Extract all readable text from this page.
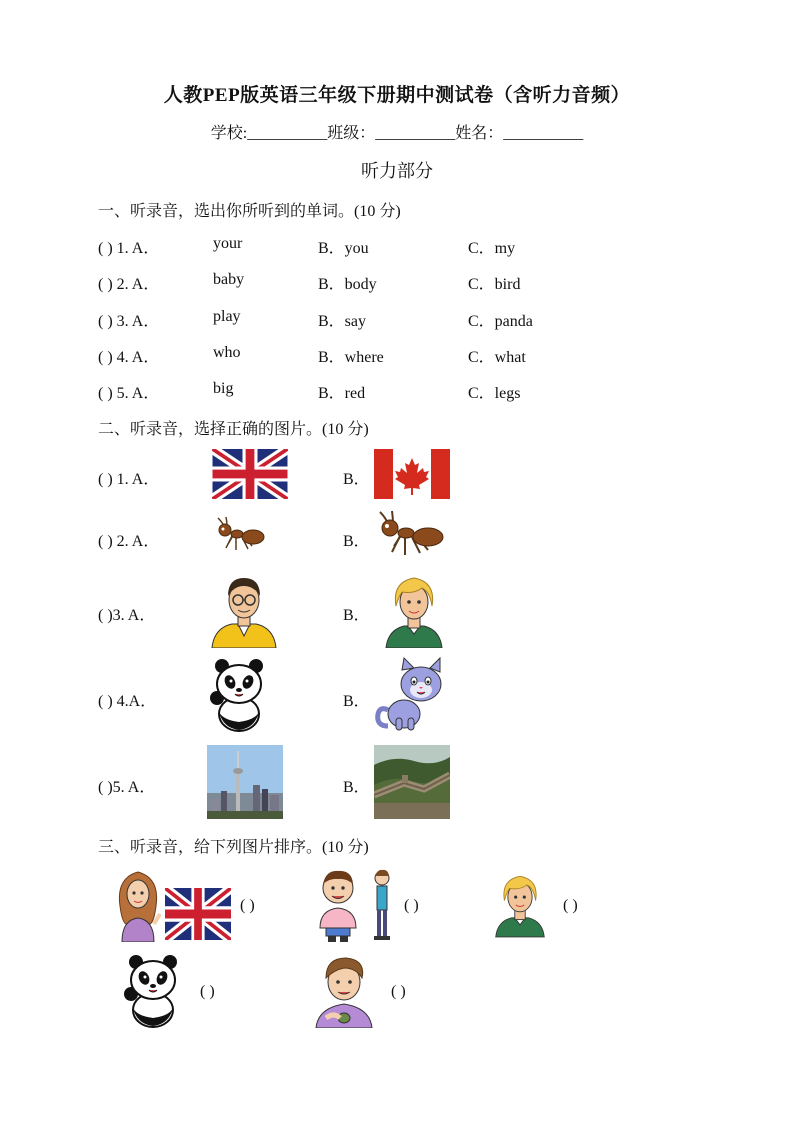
人教PEP版英语三年级下册期中测试卷（含听力音频）
学校:__________班级：__________姓名：__________
听力部分
一、听录音，选出你所听到的单词。(10 分)
( ) 1. A．	your	B．you	C．my
( ) 2. A．	baby	B．body	C．bird
( ) 3. A．	play	B．say	C．panda
( ) 4. A．	who	B．where	C．what
( ) 5. A．	big	B．red	C．legs
二、听录音，选择正确的图片。(10 分)
( ) 1. A．	B．
( ) 2. A．	B．
( )3. A．	B．
( ) 4.A．	B．
( )5. A．	B．
三、听录音，给下列图片排序。(10 分)
( )	( )	( )
( )	( )
